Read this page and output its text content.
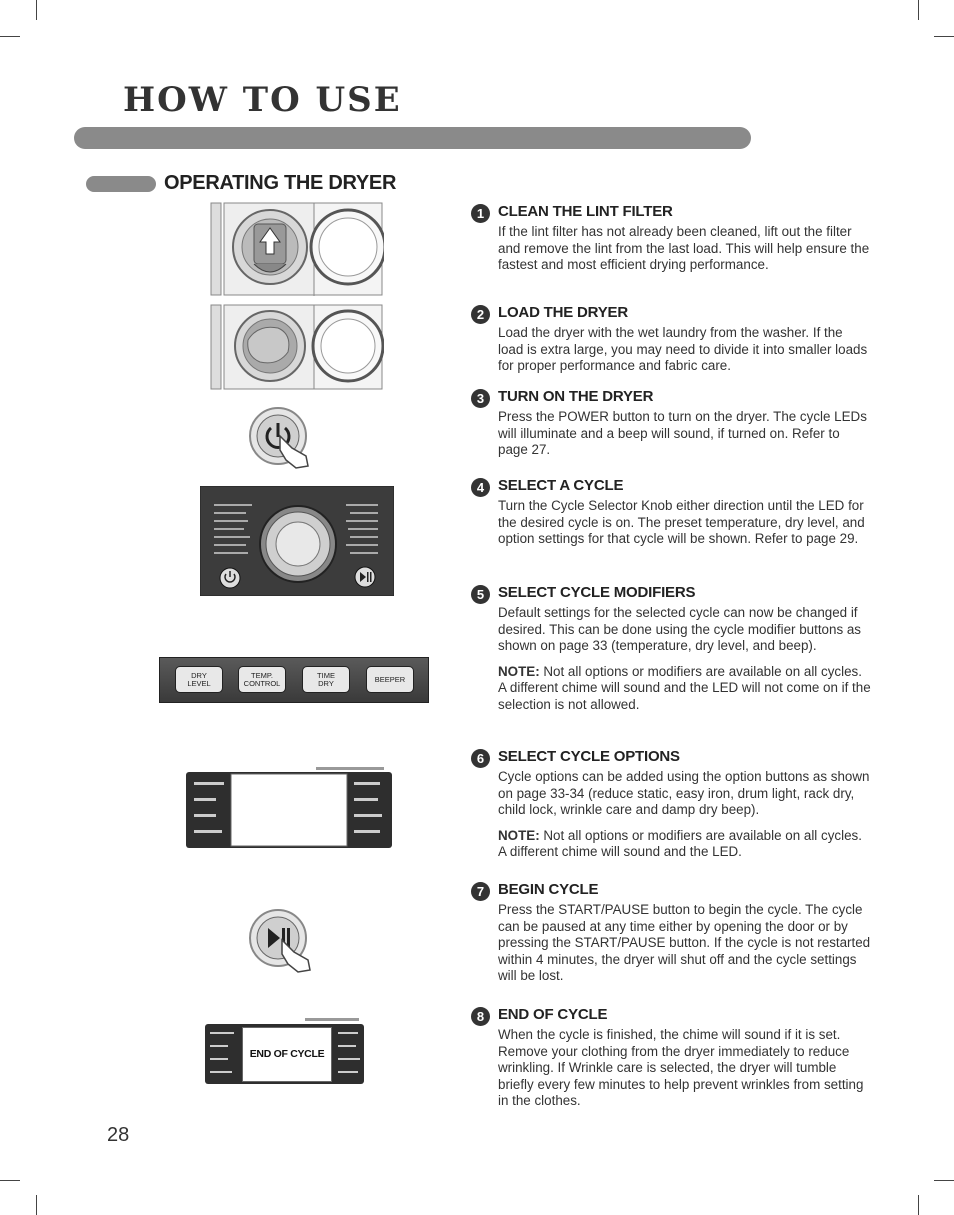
HOW TO USE
OPERATING THE DRYER
DRY
LEVEL
TEMP.
CONTROL
TIME
DRY	BEEPER
END OF CYCLE
1 CLEAN THE LINT FILTER

If the lint filter has not already been cleaned, lift out the filter and remove the lint from the last load. This will help ensure the fastest and most efficient drying performance.

2 LOAD THE DRYER

Load the dryer with the wet laundry from the washer. If the load is extra large, you may need to divide it into smaller loads for proper performance and fabric care.

3 TURN ON THE DRYER

Press the POWER button to turn on the dryer. The cycle LEDs will illuminate and a beep will sound, if turned on. Refer to page 27.

4 SELECT A CYCLE

Turn the Cycle Selector Knob either direction until the LED for the desired cycle is on. The preset temperature, dry level, and option settings for that cycle will be shown. Refer to page 29.

5 SELECT CYCLE MODIFIERS

Default settings for the selected cycle can now be changed if desired. This can be done using the cycle modifier buttons as shown on page 33 (temperature, dry level, and beep).

NOTE: Not all options or modifiers are available on all cycles. A different chime will sound and the LED will not come on if the selection is not allowed.

6 SELECT CYCLE OPTIONS

Cycle options can be added using the option buttons as shown on page 33-34 (reduce static, easy iron, drum light, rack dry, child lock, wrinkle care and damp dry beep).

NOTE: Not all options or modifiers are available on all cycles. A different chime will sound and the LED.

7 BEGIN CYCLE

Press the START/PAUSE button to begin the cycle. The cycle can be paused at any time either by opening the door or by pressing the START/PAUSE button. If the cycle is not restarted within 4 minutes, the dryer will shut off and the cycle settings will be lost.

8 END OF CYCLE

When the cycle is finished, the chime will sound if it is set. Remove your clothing from the dryer immediately to reduce wrinkling. If Wrinkle care is selected, the dryer will tumble briefly every few minutes to help prevent wrinkles from setting in the clothes.

28
